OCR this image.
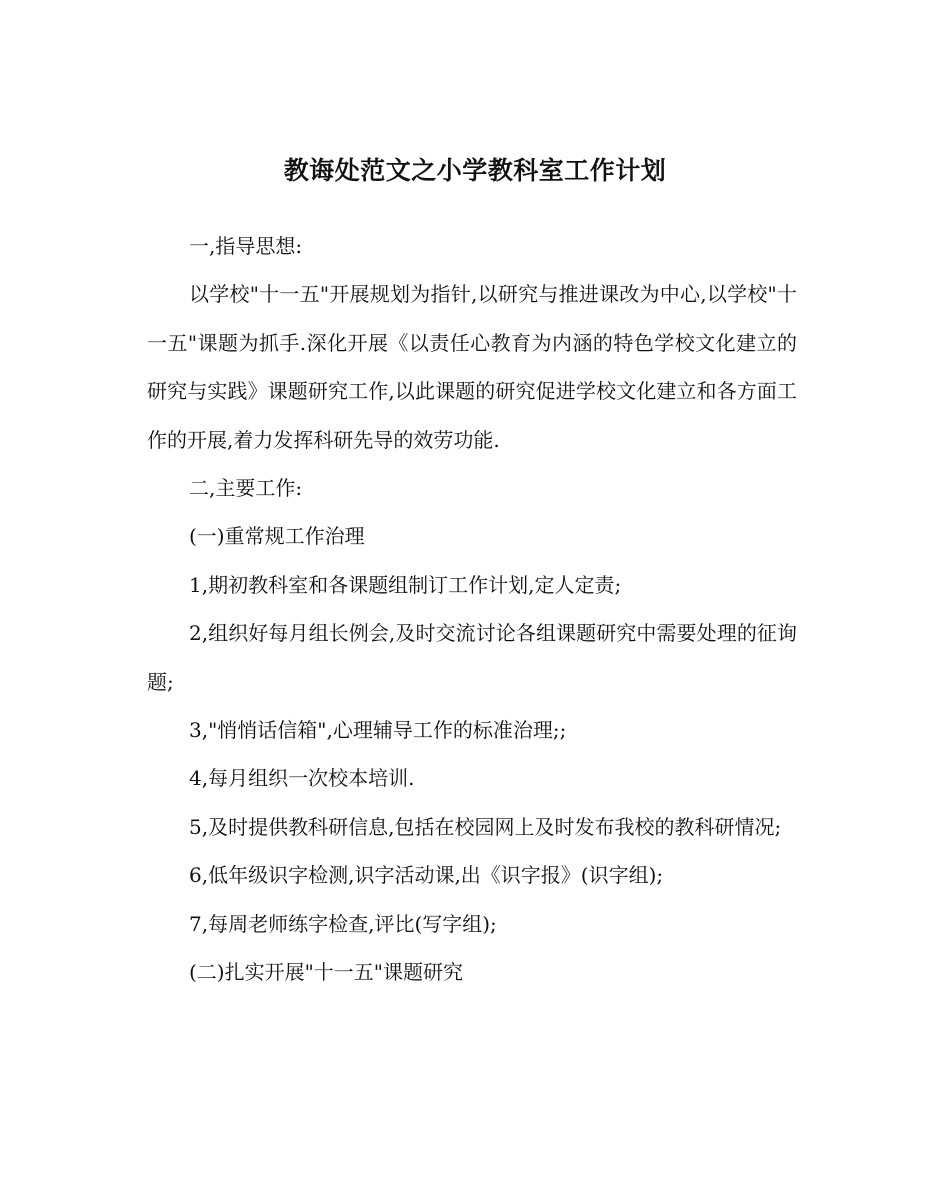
教诲处范文之小学教科室工作计划

一,指导思想:

以学校"十一五"开展规划为指针,以研究与推进课改为中心,以学校"十一五"课题为抓手.深化开展《以责任心教育为内涵的特色学校文化建立的研究与实践》课题研究工作,以此课题的研究促进学校文化建立和各方面工作的开展,着力发挥科研先导的效劳功能.

二,主要工作:

(一)重常规工作治理

1,期初教科室和各课题组制订工作计划,定人定责;

2,组织好每月组长例会,及时交流讨论各组课题研究中需要处理的征询题;

3,"悄悄话信箱",心理辅导工作的标准治理;;

4,每月组织一次校本培训.

5,及时提供教科研信息,包括在校园网上及时发布我校的教科研情况;

6,低年级识字检测,识字活动课,出《识字报》(识字组);

7,每周老师练字检查,评比(写字组);

(二)扎实开展"十一五"课题研究
